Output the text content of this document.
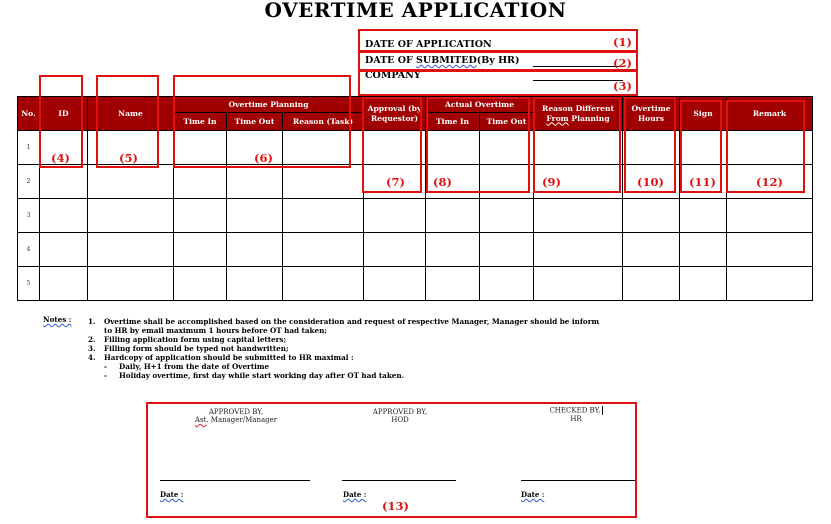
OVERTIME APPLICATION
DATE OF APPLICATION
DATE OF SUBMITED(By HR)
COMPANY
No.	ID	Name	Overtime Planning			Approval (by Requestor)	Actual Overtime		Reason Different From Planning	Overtime Hours	Sign	Remark
			Time In	Time Out	Reason (Task)		Time In	Time Out				
1												
2												
3												
4												
5												
(1)
(2)
(3)
(4)	(5)	(6)
(7) (8)	(9)	(10) (11)	(12)
Notes : 1. Overtime shall be accomplished based on the consideration and request of respective Manager, Manager should be inform to HR by email maximum 1 hours before OT had taken;
2. Filling application form using capital letters;
3. Filling form should be typed not handwritten;
4. Hardcopy of application should be submitted to HR maximal :
- Daily, H+1 from the date of Overtime
- Holiday overtime, first day while start working day after OT had taken.
(13)
APPROVED BY,
Ast. Manager/Manager
APPROVED BY,
HOD
CHECKED BY,
HR
Date :	Date :	Date :
